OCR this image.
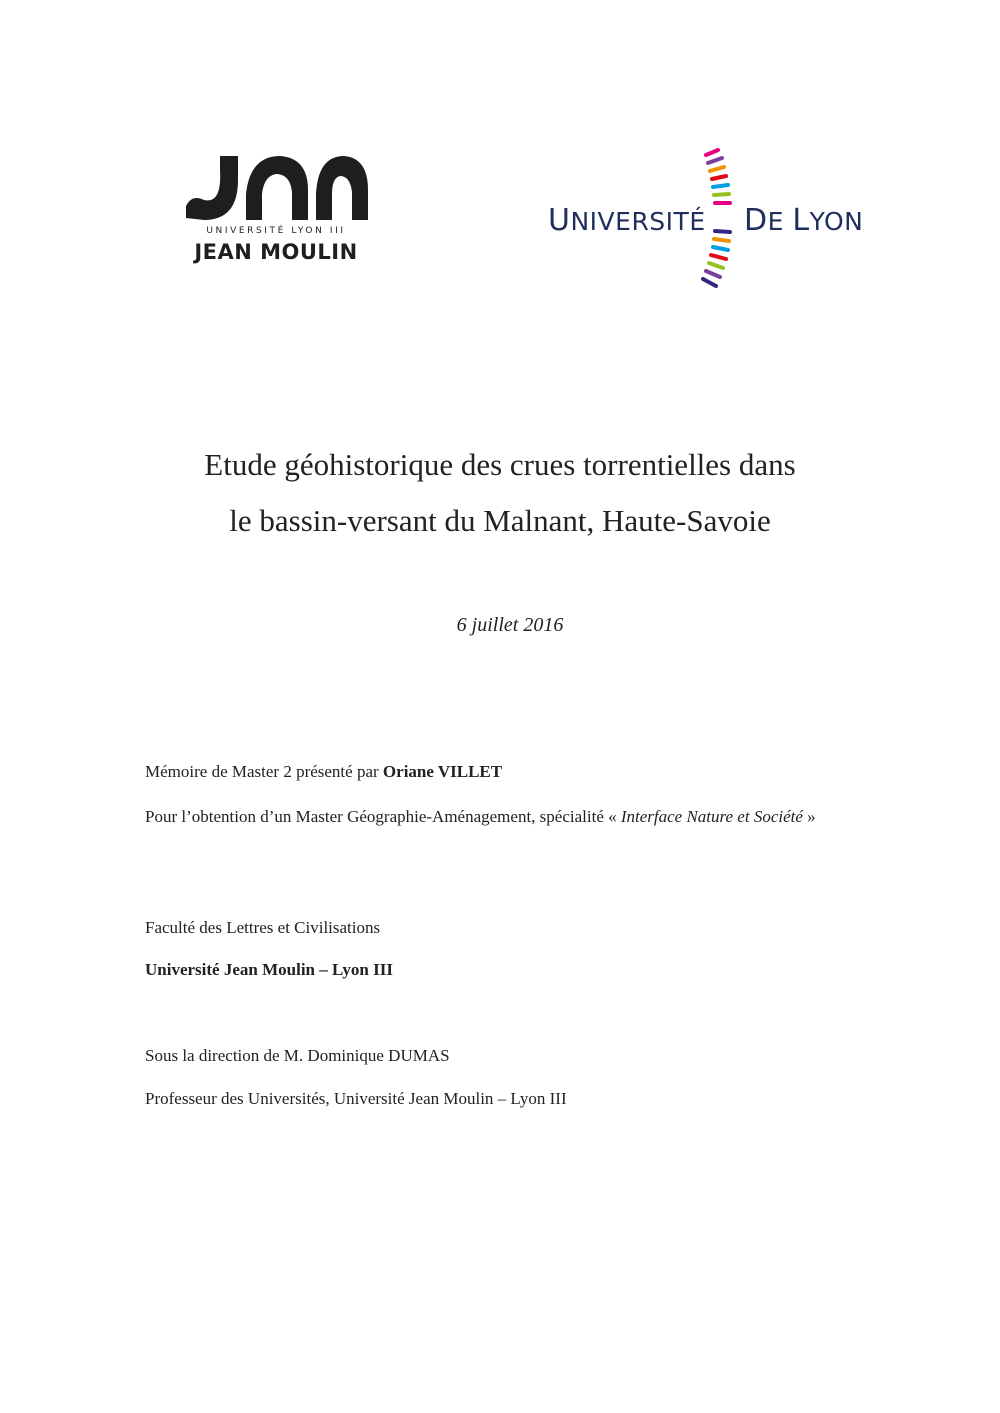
UNIVERSITÉ LYON III
JEAN MOULIN
UNIVERSITÉ DE LYON
Etude géohistorique des crues torrentielles dans
le bassin-versant du Malnant, Haute-Savoie
6 juillet 2016
Mémoire de Master 2 présenté par Oriane VILLET
Pour l’obtention d’un Master Géographie-Aménagement, spécialité « Interface Nature et Société »
Faculté des Lettres et Civilisations
Université Jean Moulin – Lyon III
Sous la direction de M. Dominique DUMAS
Professeur des Universités, Université Jean Moulin – Lyon III
